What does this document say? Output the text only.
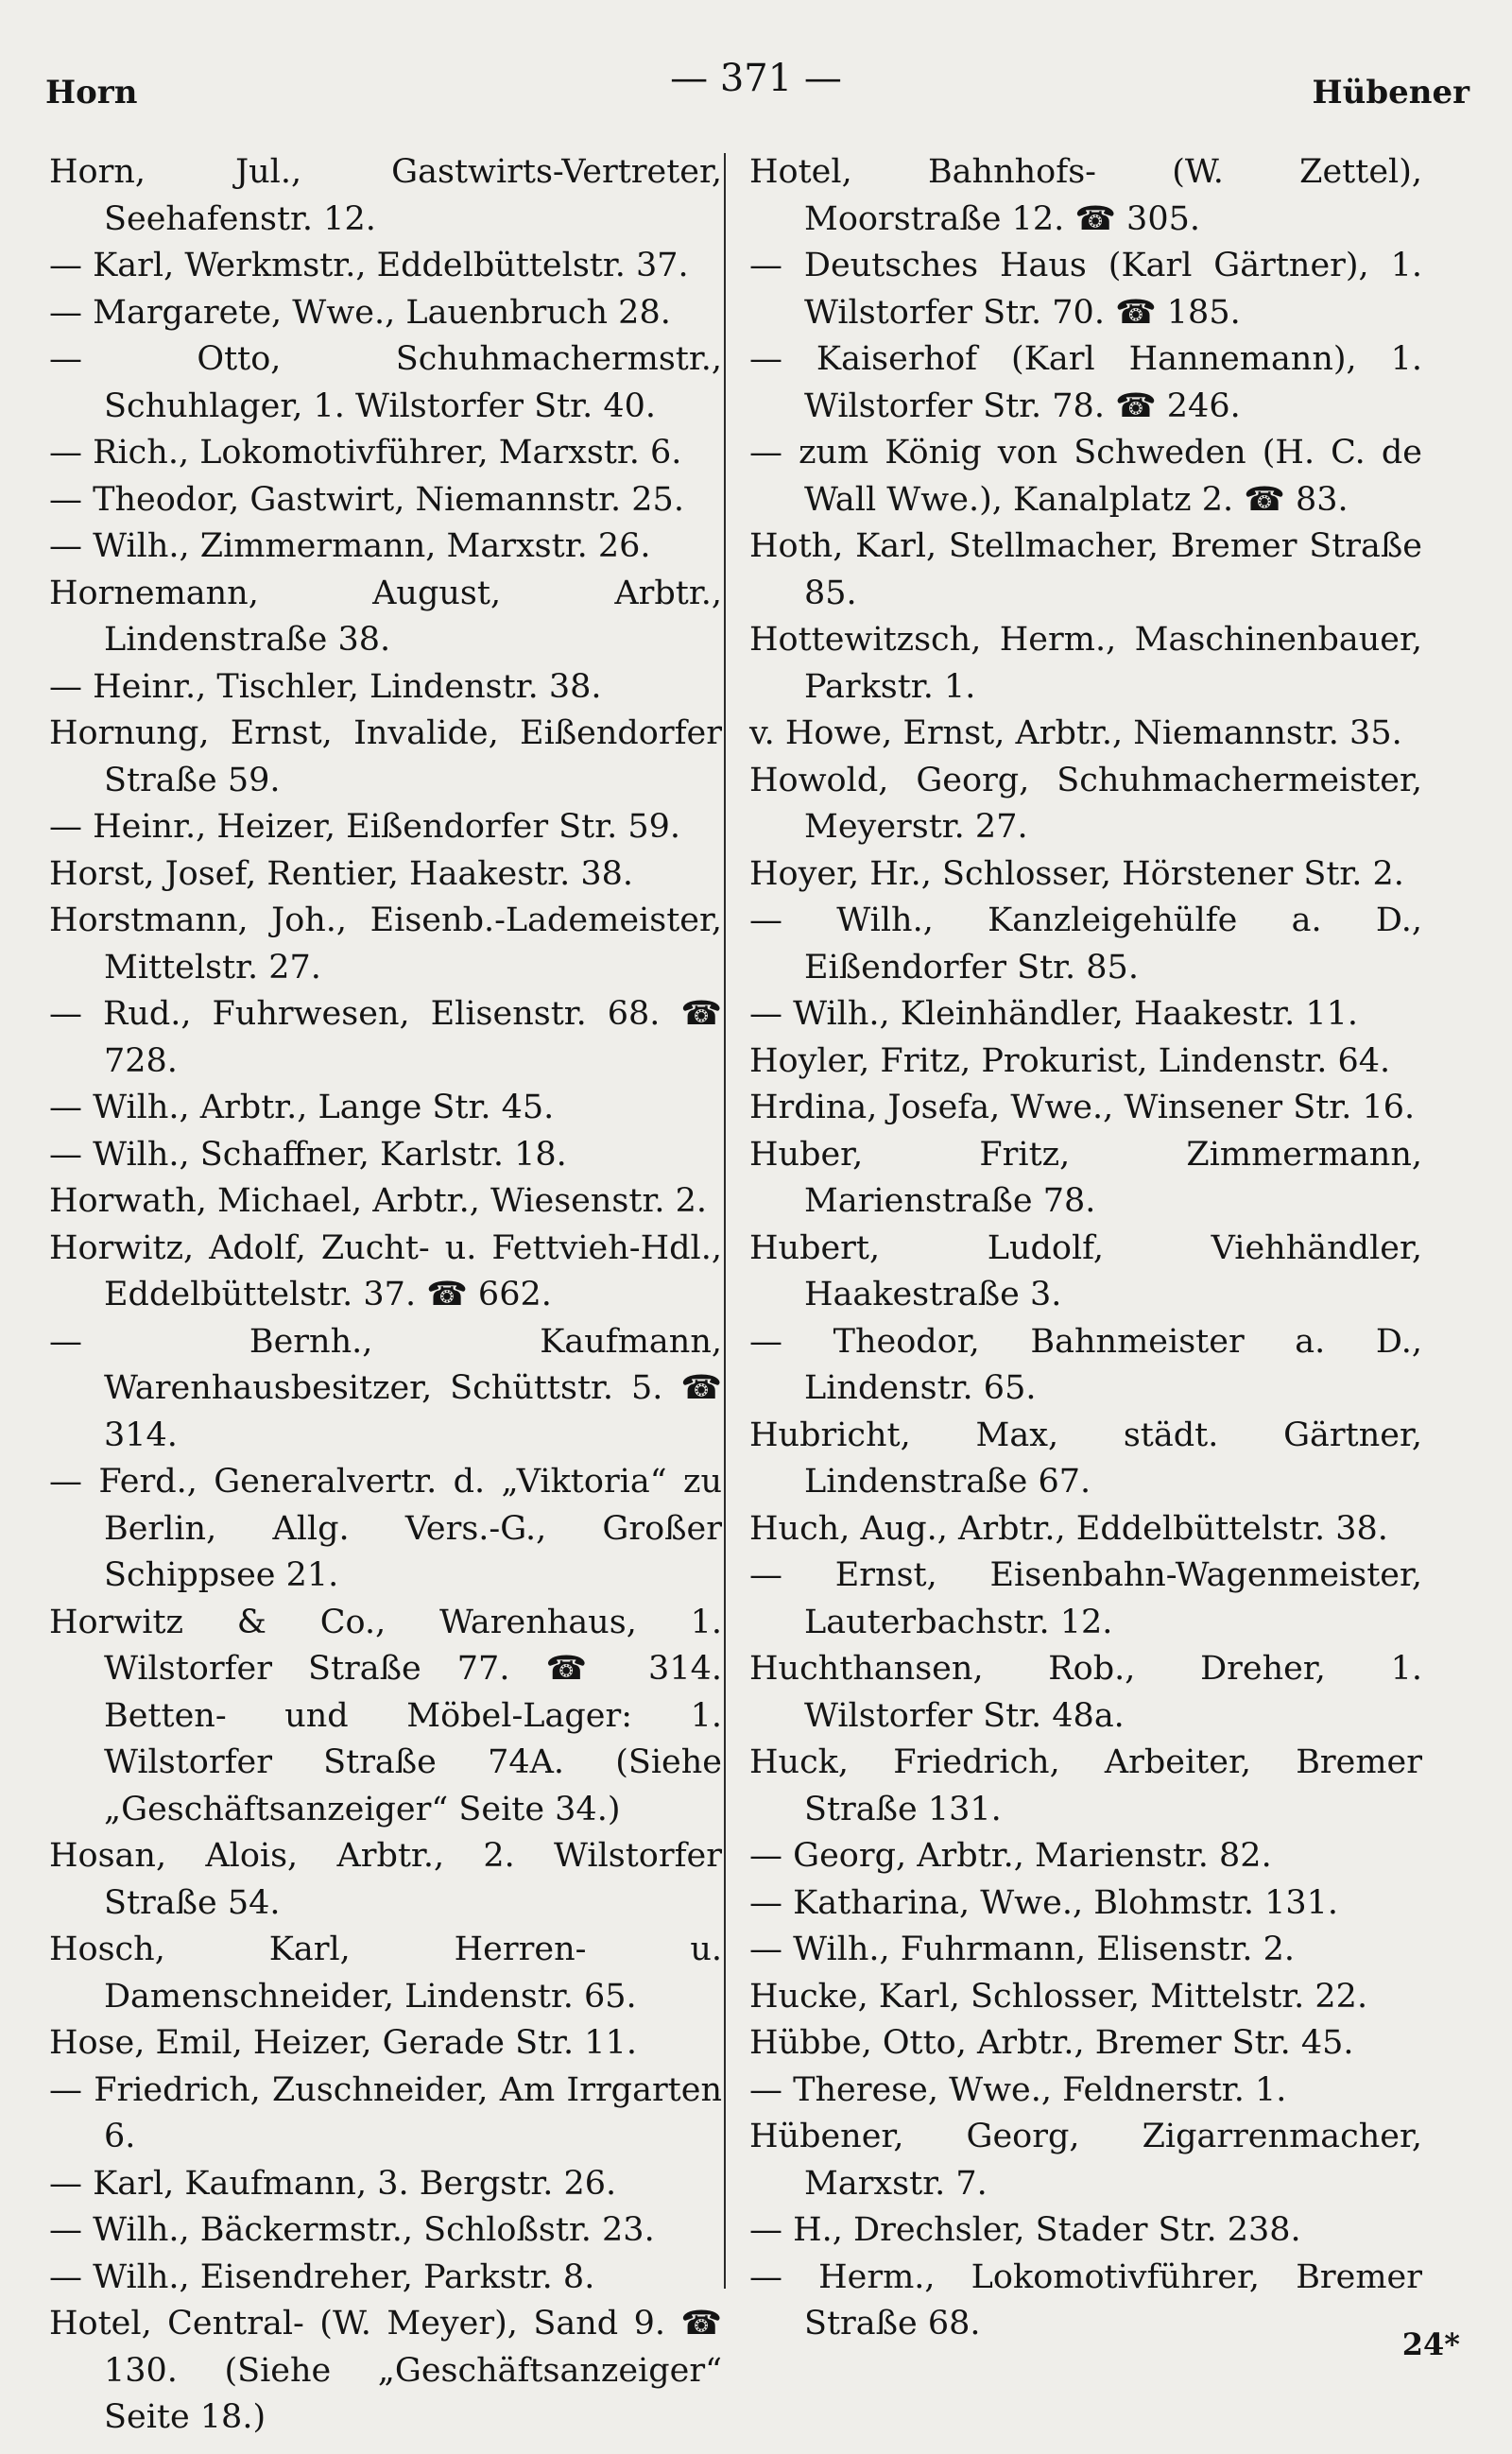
Horn	— 371 —	Hübener
Horn, Jul., Gastwirts-Vertreter, Seehafenstr. 12.
— Karl, Werkmstr., Eddelbüttelstr. 37.
— Margarete, Wwe., Lauenbruch 28.
— Otto, Schuhmachermstr., Schuhlager, 1. Wilstorfer Str. 40.
— Rich., Lokomotivführer, Marxstr. 6.
— Theodor, Gastwirt, Niemannstr. 25.
— Wilh., Zimmermann, Marxstr. 26.
Hornemann, August, Arbtr., Lindenstraße 38.
— Heinr., Tischler, Lindenstr. 38.
Hornung, Ernst, Invalide, Eißendorfer Straße 59.
— Heinr., Heizer, Eißendorfer Str. 59.
Horst, Josef, Rentier, Haakestr. 38.
Horstmann, Joh., Eisenb.-Lademeister, Mittelstr. 27.
— Rud., Fuhrwesen, Elisenstr. 68. ☎ 728.
— Wilh., Arbtr., Lange Str. 45.
— Wilh., Schaffner, Karlstr. 18.
Horwath, Michael, Arbtr., Wiesenstr. 2.
Horwitz, Adolf, Zucht- u. Fettvieh-Hdl., Eddelbüttelstr. 37. ☎ 662.
— Bernh., Kaufmann, Warenhausbesitzer, Schüttstr. 5. ☎ 314.
— Ferd., Generalvertr. d. „Viktoria“ zu Berlin, Allg. Vers.-G., Großer Schippsee 21.
Horwitz & Co., Warenhaus, 1. Wilstorfer Straße 77. ☎ 314. Betten- und Möbel-Lager: 1. Wilstorfer Straße 74A. (Siehe „Geschäftsanzeiger“ Seite 34.)
Hosan, Alois, Arbtr., 2. Wilstorfer Straße 54.
Hosch, Karl, Herren- u. Damenschneider, Lindenstr. 65.
Hose, Emil, Heizer, Gerade Str. 11.
— Friedrich, Zuschneider, Am Irrgarten 6.
— Karl, Kaufmann, 3. Bergstr. 26.
— Wilh., Bäckermstr., Schloßstr. 23.
— Wilh., Eisendreher, Parkstr. 8.
Hotel, Central- (W. Meyer), Sand 9. ☎ 130. (Siehe „Geschäftsanzeiger“ Seite 18.)
Hotel, Bahnhofs- (W. Zettel), Moorstraße 12. ☎ 305.
— Deutsches Haus (Karl Gärtner), 1. Wilstorfer Str. 70. ☎ 185.
— Kaiserhof (Karl Hannemann), 1. Wilstorfer Str. 78. ☎ 246.
— zum König von Schweden (H. C. de Wall Wwe.), Kanalplatz 2. ☎ 83.
Hoth, Karl, Stellmacher, Bremer Straße 85.
Hottewitzsch, Herm., Maschinenbauer, Parkstr. 1.
v. Howe, Ernst, Arbtr., Niemannstr. 35.
Howold, Georg, Schuhmachermeister, Meyerstr. 27.
Hoyer, Hr., Schlosser, Hörstener Str. 2.
— Wilh., Kanzleigehülfe a. D., Eißendorfer Str. 85.
— Wilh., Kleinhändler, Haakestr. 11.
Hoyler, Fritz, Prokurist, Lindenstr. 64.
Hrdina, Josefa, Wwe., Winsener Str. 16.
Huber, Fritz, Zimmermann, Marienstraße 78.
Hubert, Ludolf, Viehhändler, Haakestraße 3.
— Theodor, Bahnmeister a. D., Lindenstr. 65.
Hubricht, Max, städt. Gärtner, Lindenstraße 67.
Huch, Aug., Arbtr., Eddelbüttelstr. 38.
— Ernst, Eisenbahn-Wagenmeister, Lauterbachstr. 12.
Huchthansen, Rob., Dreher, 1. Wilstorfer Str. 48a.
Huck, Friedrich, Arbeiter, Bremer Straße 131.
— Georg, Arbtr., Marienstr. 82.
— Katharina, Wwe., Blohmstr. 131.
— Wilh., Fuhrmann, Elisenstr. 2.
Hucke, Karl, Schlosser, Mittelstr. 22.
Hübbe, Otto, Arbtr., Bremer Str. 45.
— Therese, Wwe., Feldnerstr. 1.
Hübener, Georg, Zigarrenmacher, Marxstr. 7.
— H., Drechsler, Stader Str. 238.
— Herm., Lokomotivführer, Bremer Straße 68.
24*
